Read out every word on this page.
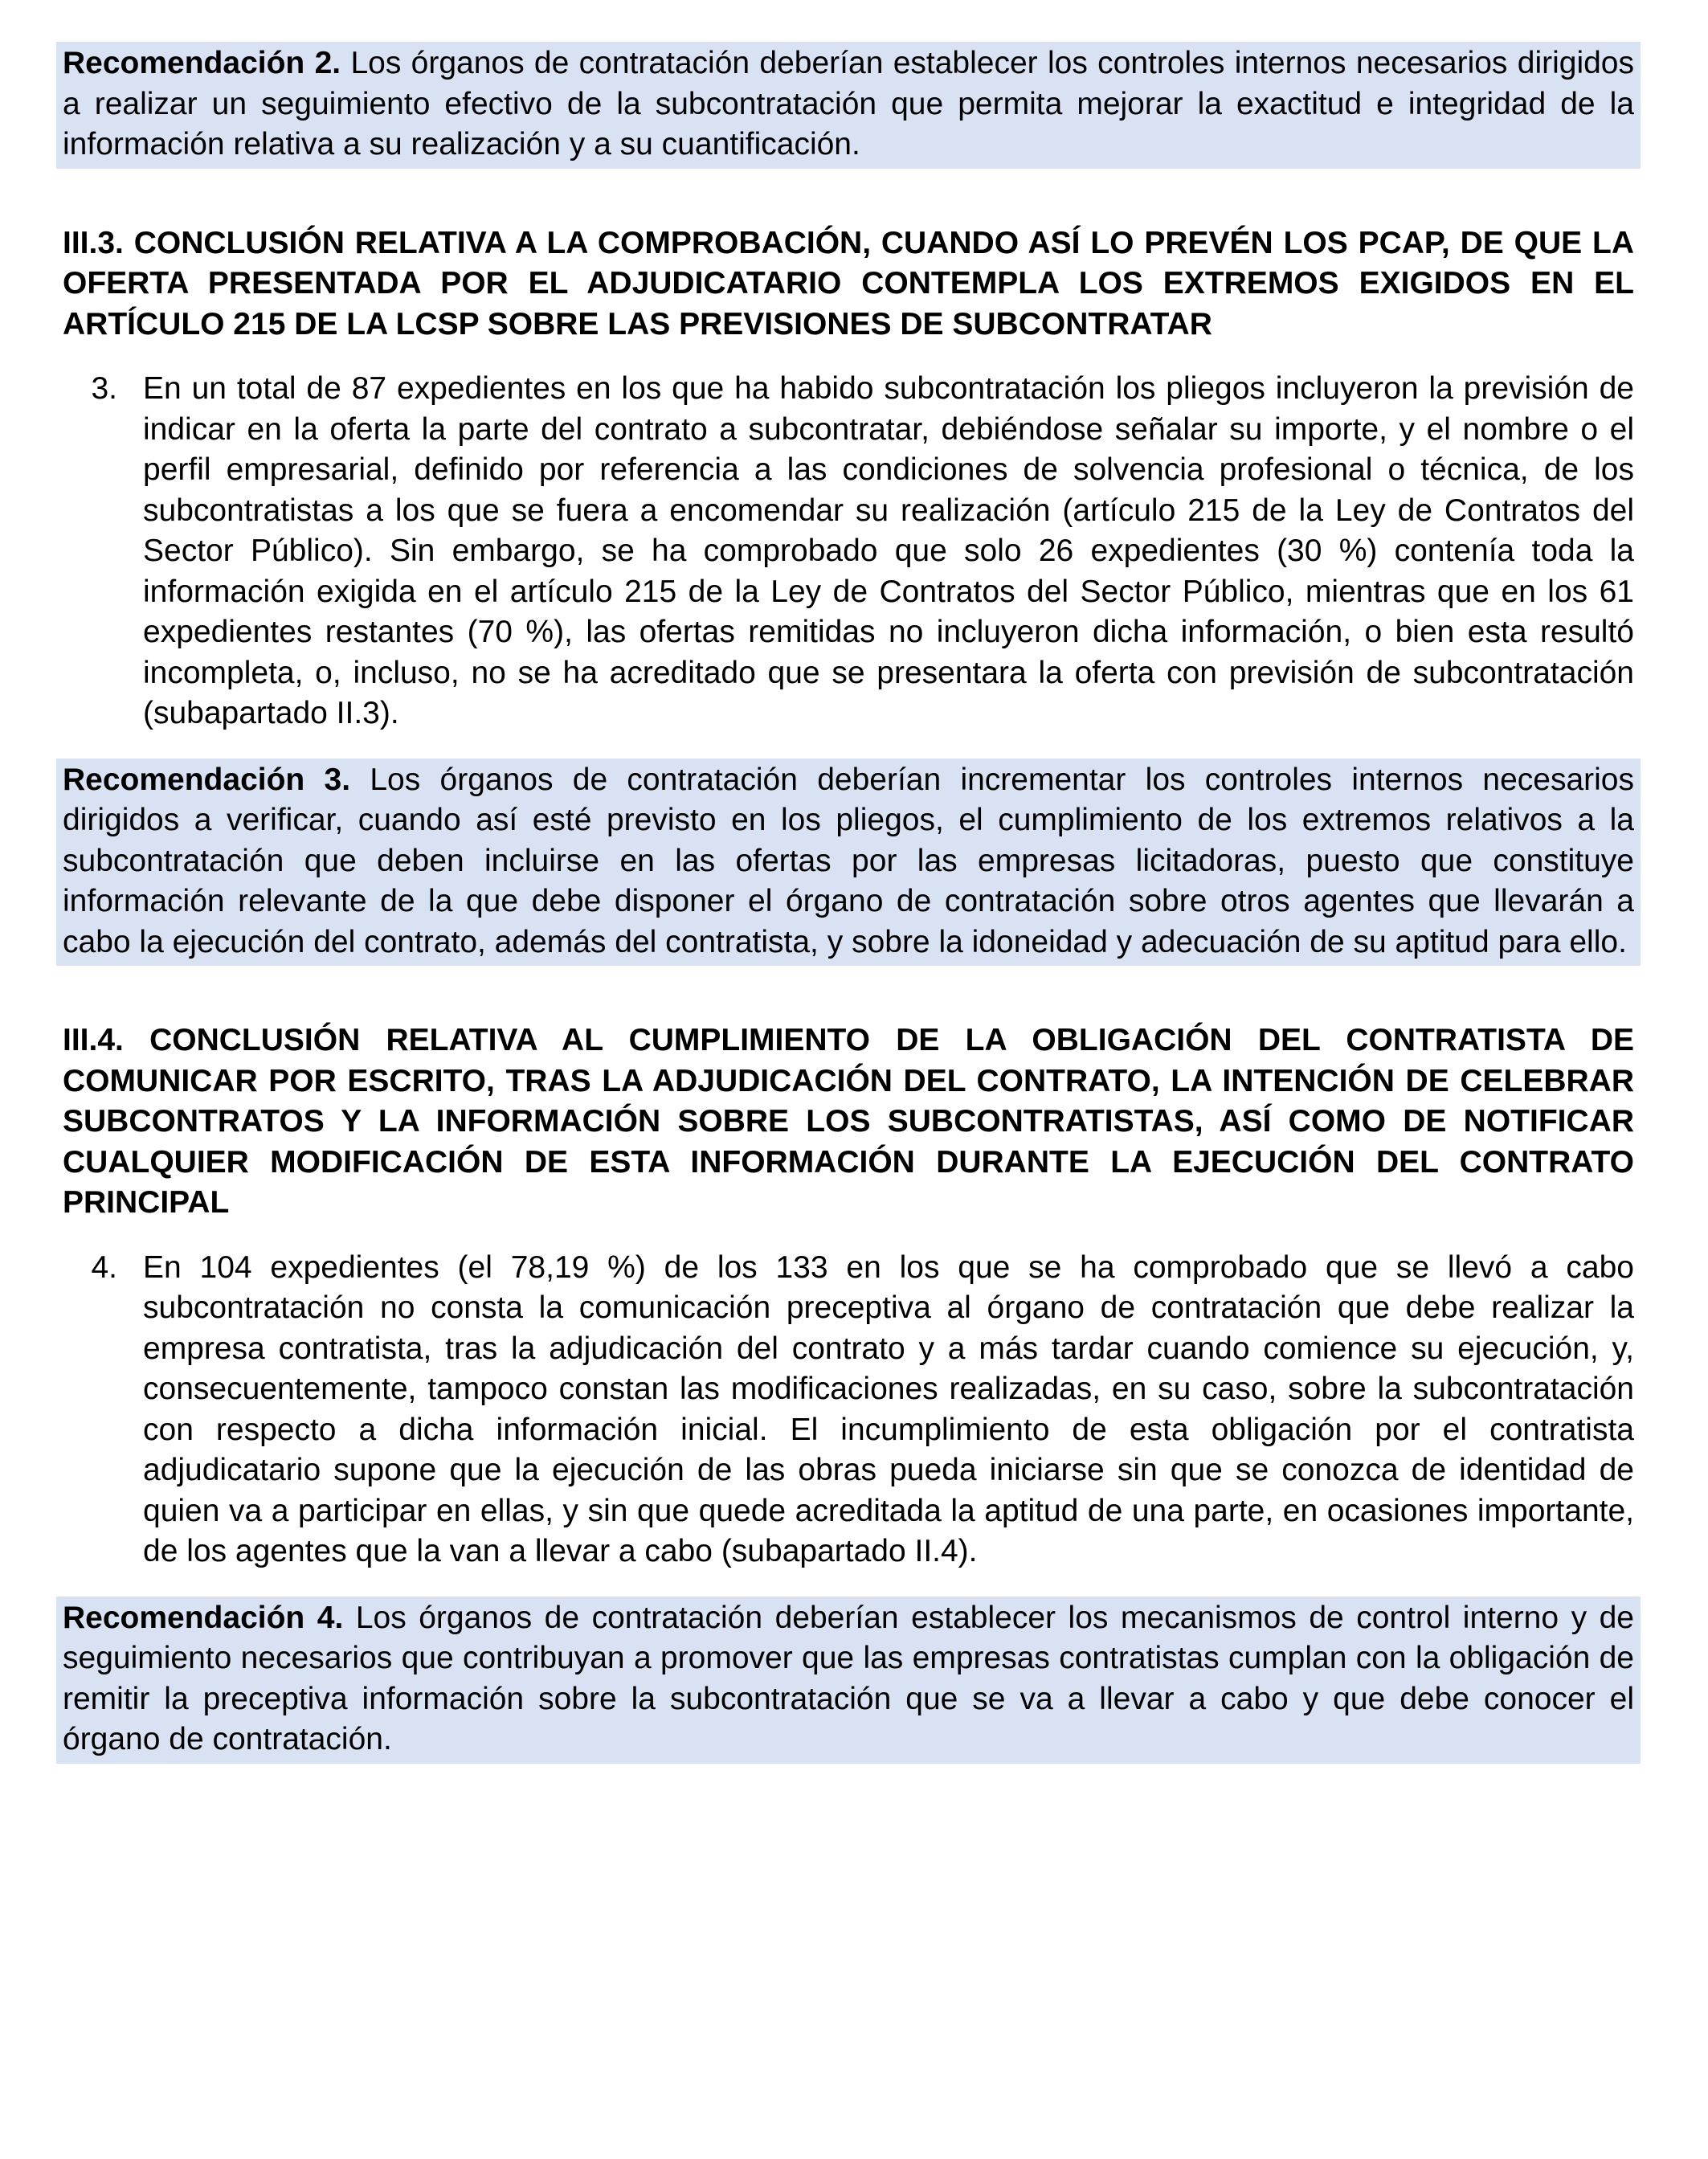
Recomendación 2. Los órganos de contratación deberían establecer los controles internos necesarios dirigidos a realizar un seguimiento efectivo de la subcontratación que permita mejorar la exactitud e integridad de la información relativa a su realización y a su cuantificación.
III.3. CONCLUSIÓN RELATIVA A LA COMPROBACIÓN, CUANDO ASÍ LO PREVÉN LOS PCAP, DE QUE LA OFERTA PRESENTADA POR EL ADJUDICATARIO CONTEMPLA LOS EXTREMOS EXIGIDOS EN EL ARTÍCULO 215 DE LA LCSP SOBRE LAS PREVISIONES DE SUBCONTRATAR
3. En un total de 87 expedientes en los que ha habido subcontratación los pliegos incluyeron la previsión de indicar en la oferta la parte del contrato a subcontratar, debiéndose señalar su importe, y el nombre o el perfil empresarial, definido por referencia a las condiciones de solvencia profesional o técnica, de los subcontratistas a los que se fuera a encomendar su realización (artículo 215 de la Ley de Contratos del Sector Público). Sin embargo, se ha comprobado que solo 26 expedientes (30 %) contenía toda la información exigida en el artículo 215 de la Ley de Contratos del Sector Público, mientras que en los 61 expedientes restantes (70 %), las ofertas remitidas no incluyeron dicha información, o bien esta resultó incompleta, o, incluso, no se ha acreditado que se presentara la oferta con previsión de subcontratación (subapartado II.3).
Recomendación 3. Los órganos de contratación deberían incrementar los controles internos necesarios dirigidos a verificar, cuando así esté previsto en los pliegos, el cumplimiento de los extremos relativos a la subcontratación que deben incluirse en las ofertas por las empresas licitadoras, puesto que constituye información relevante de la que debe disponer el órgano de contratación sobre otros agentes que llevarán a cabo la ejecución del contrato, además del contratista, y sobre la idoneidad y adecuación de su aptitud para ello.
III.4. CONCLUSIÓN RELATIVA AL CUMPLIMIENTO DE LA OBLIGACIÓN DEL CONTRATISTA DE COMUNICAR POR ESCRITO, TRAS LA ADJUDICACIÓN DEL CONTRATO, LA INTENCIÓN DE CELEBRAR SUBCONTRATOS Y LA INFORMACIÓN SOBRE LOS SUBCONTRATISTAS, ASÍ COMO DE NOTIFICAR CUALQUIER MODIFICACIÓN DE ESTA INFORMACIÓN DURANTE LA EJECUCIÓN DEL CONTRATO PRINCIPAL
4. En 104 expedientes (el 78,19 %) de los 133 en los que se ha comprobado que se llevó a cabo subcontratación no consta la comunicación preceptiva al órgano de contratación que debe realizar la empresa contratista, tras la adjudicación del contrato y a más tardar cuando comience su ejecución, y, consecuentemente, tampoco constan las modificaciones realizadas, en su caso, sobre la subcontratación con respecto a dicha información inicial. El incumplimiento de esta obligación por el contratista adjudicatario supone que la ejecución de las obras pueda iniciarse sin que se conozca de identidad de quien va a participar en ellas, y sin que quede acreditada la aptitud de una parte, en ocasiones importante, de los agentes que la van a llevar a cabo (subapartado II.4).
Recomendación 4. Los órganos de contratación deberían establecer los mecanismos de control interno y de seguimiento necesarios que contribuyan a promover que las empresas contratistas cumplan con la obligación de remitir la preceptiva información sobre la subcontratación que se va a llevar a cabo y que debe conocer el órgano de contratación.
